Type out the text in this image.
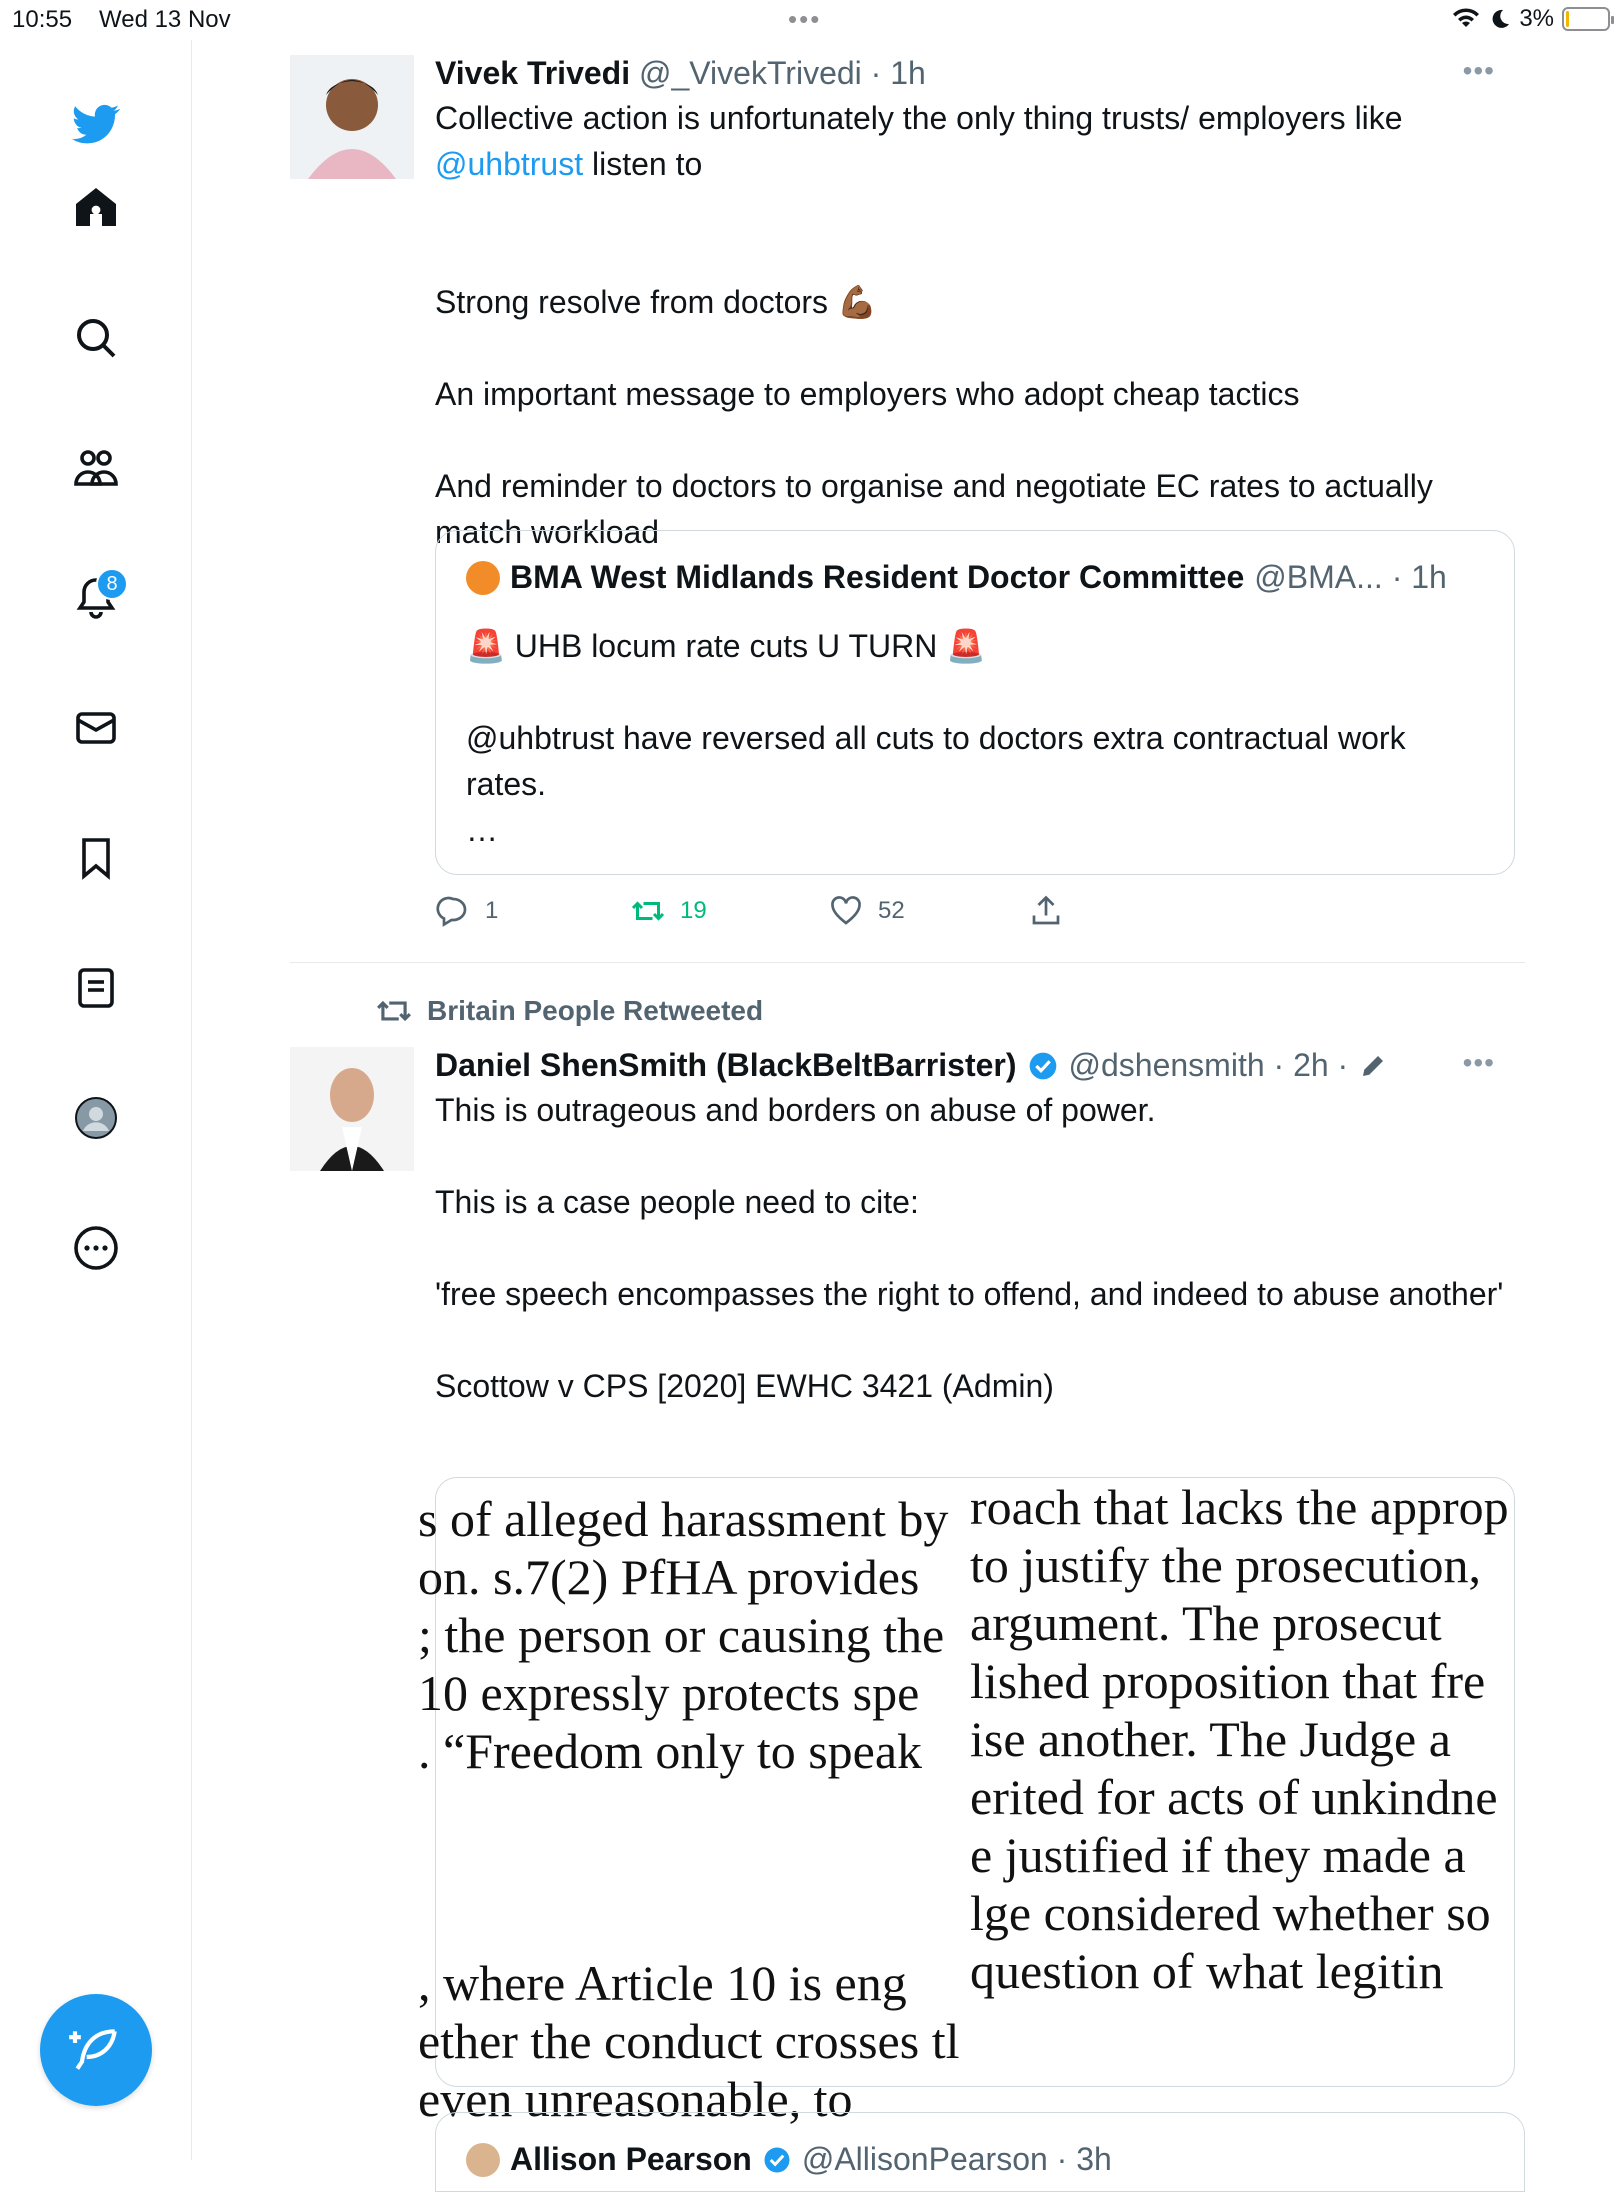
10:55 Wed 13 Nov	•••	3%
8
Vivek Trivedi @_VivekTrivedi · 1h	•••
Collective action is unfortunately the only thing trusts/ employers like
@uhbtrust listen to
Strong resolve from doctors 💪🏾

An important message to employers who adopt cheap tactics

And reminder to doctors to organise and negotiate EC rates to actually match workload
BMA West Midlands Resident Doctor Committee @BMA... · 1h
🚨 UHB locum rate cuts U TURN 🚨

@uhbtrust have reversed all cuts to doctors extra contractual work rates.
…
1	19	52
Britain People Retweeted
Daniel ShenSmith (BlackBeltBarrister) @dshensmith · 2h ·	•••
This is outrageous and borders on abuse of power.

This is a case people need to cite:

'free speech encompasses the right to offend, and indeed to abuse another'

Scottow v CPS [2020] EWHC 3421 (Admin)
s of alleged harassment by
on. s.7(2) PfHA provides
; the person or causing the
10 expressly protects spe
. “Freedom only to speak
, where Article 10 is eng
ether the conduct crosses tl
even unreasonable, to
roach that lacks the approp
to justify the prosecution,
argument. The prosecut
lished proposition that fre
ise another. The Judge a
erited for acts of unkindne
e justified if they made a
lge considered whether so
question of what legitin
Allison Pearson @AllisonPearson · 3h
